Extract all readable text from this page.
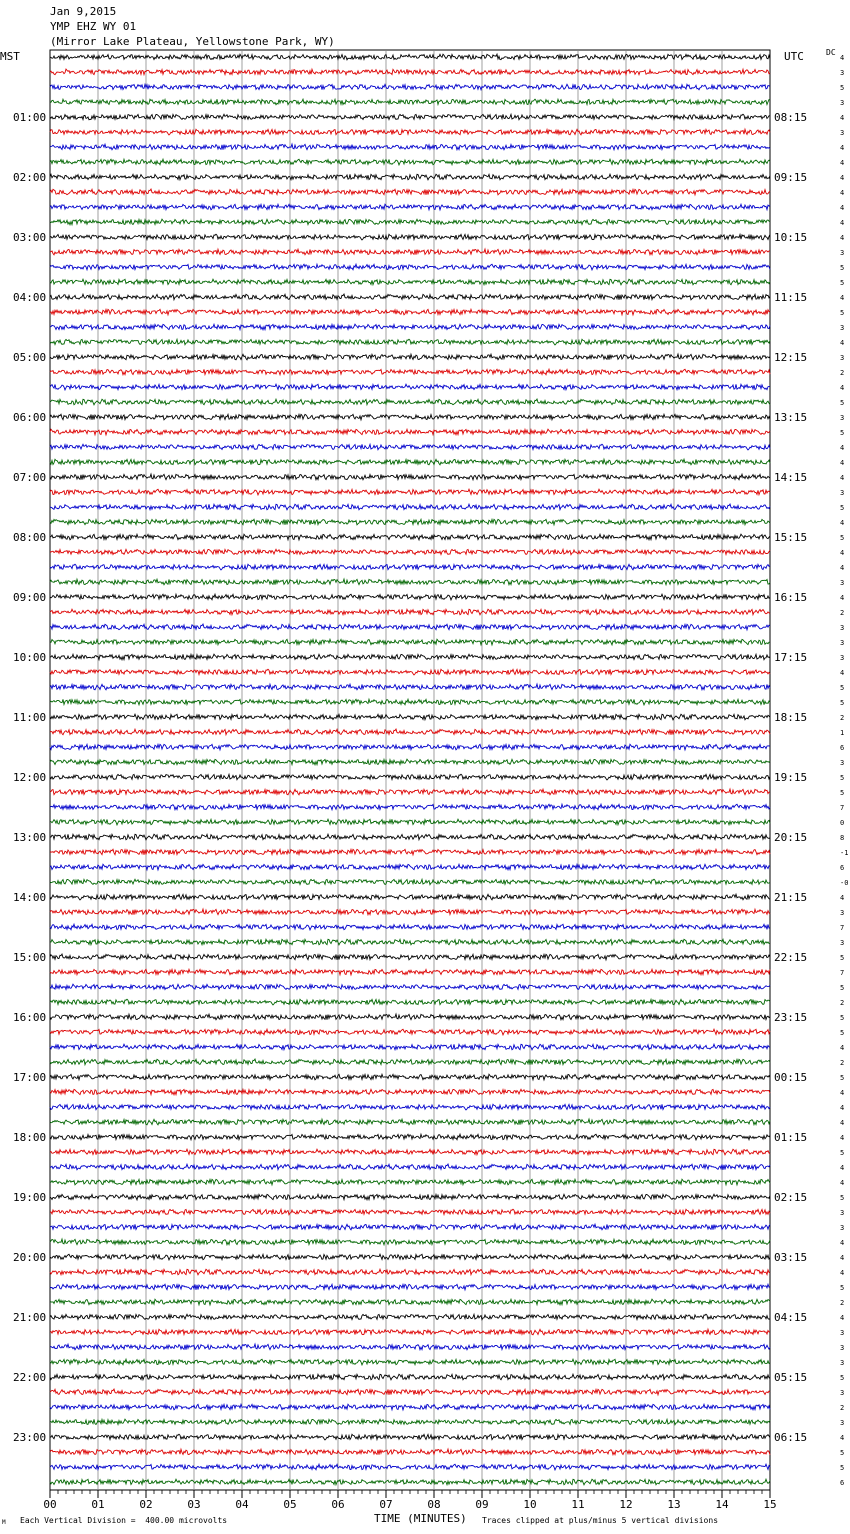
Jan 9,2015
YMP EHZ WY 01
(Mirror Lake Plateau, Yellowstone Park, WY)
MST	UTC	DC
4
3
5
3
4
3
4
4
4
4
4
4
4
3
5
5
4
5
3
4
3
2
4
5
3
5
4
4
4
3
5
4
5
4
4
3
4
2
3
3
3
4
5
5
2
1
6
3
5
5
7
0
8
-1
6
-0
4
3
7
3
5
7
5
2
5
5
4
2
5
4
4
4
4
5
4
4
5
3
3
4
4
4
5
2
4
3
3
3
5
3
2
3
4
5
5
6
01:00
02:00
03:00
04:00
05:00
06:00
07:00
08:00
09:00
10:00
11:00
12:00
13:00
14:00
15:00
16:00
17:00
18:00
19:00
20:00
21:00
22:00
23:00
08:15
09:15
10:15
11:15
12:15
13:15
14:15
15:15
16:15
17:15
18:15
19:15
20:15
21:15
22:15
23:15
00:15
01:15
02:15
03:15
04:15
05:15
06:15
00	01	02	03	04	05	06	07	08	09	10	11	12	13	14	15
TIME (MINUTES)
Each Vertical Division =  400.00 microvolts	Traces clipped at plus/minus 5 vertical divisions
M
